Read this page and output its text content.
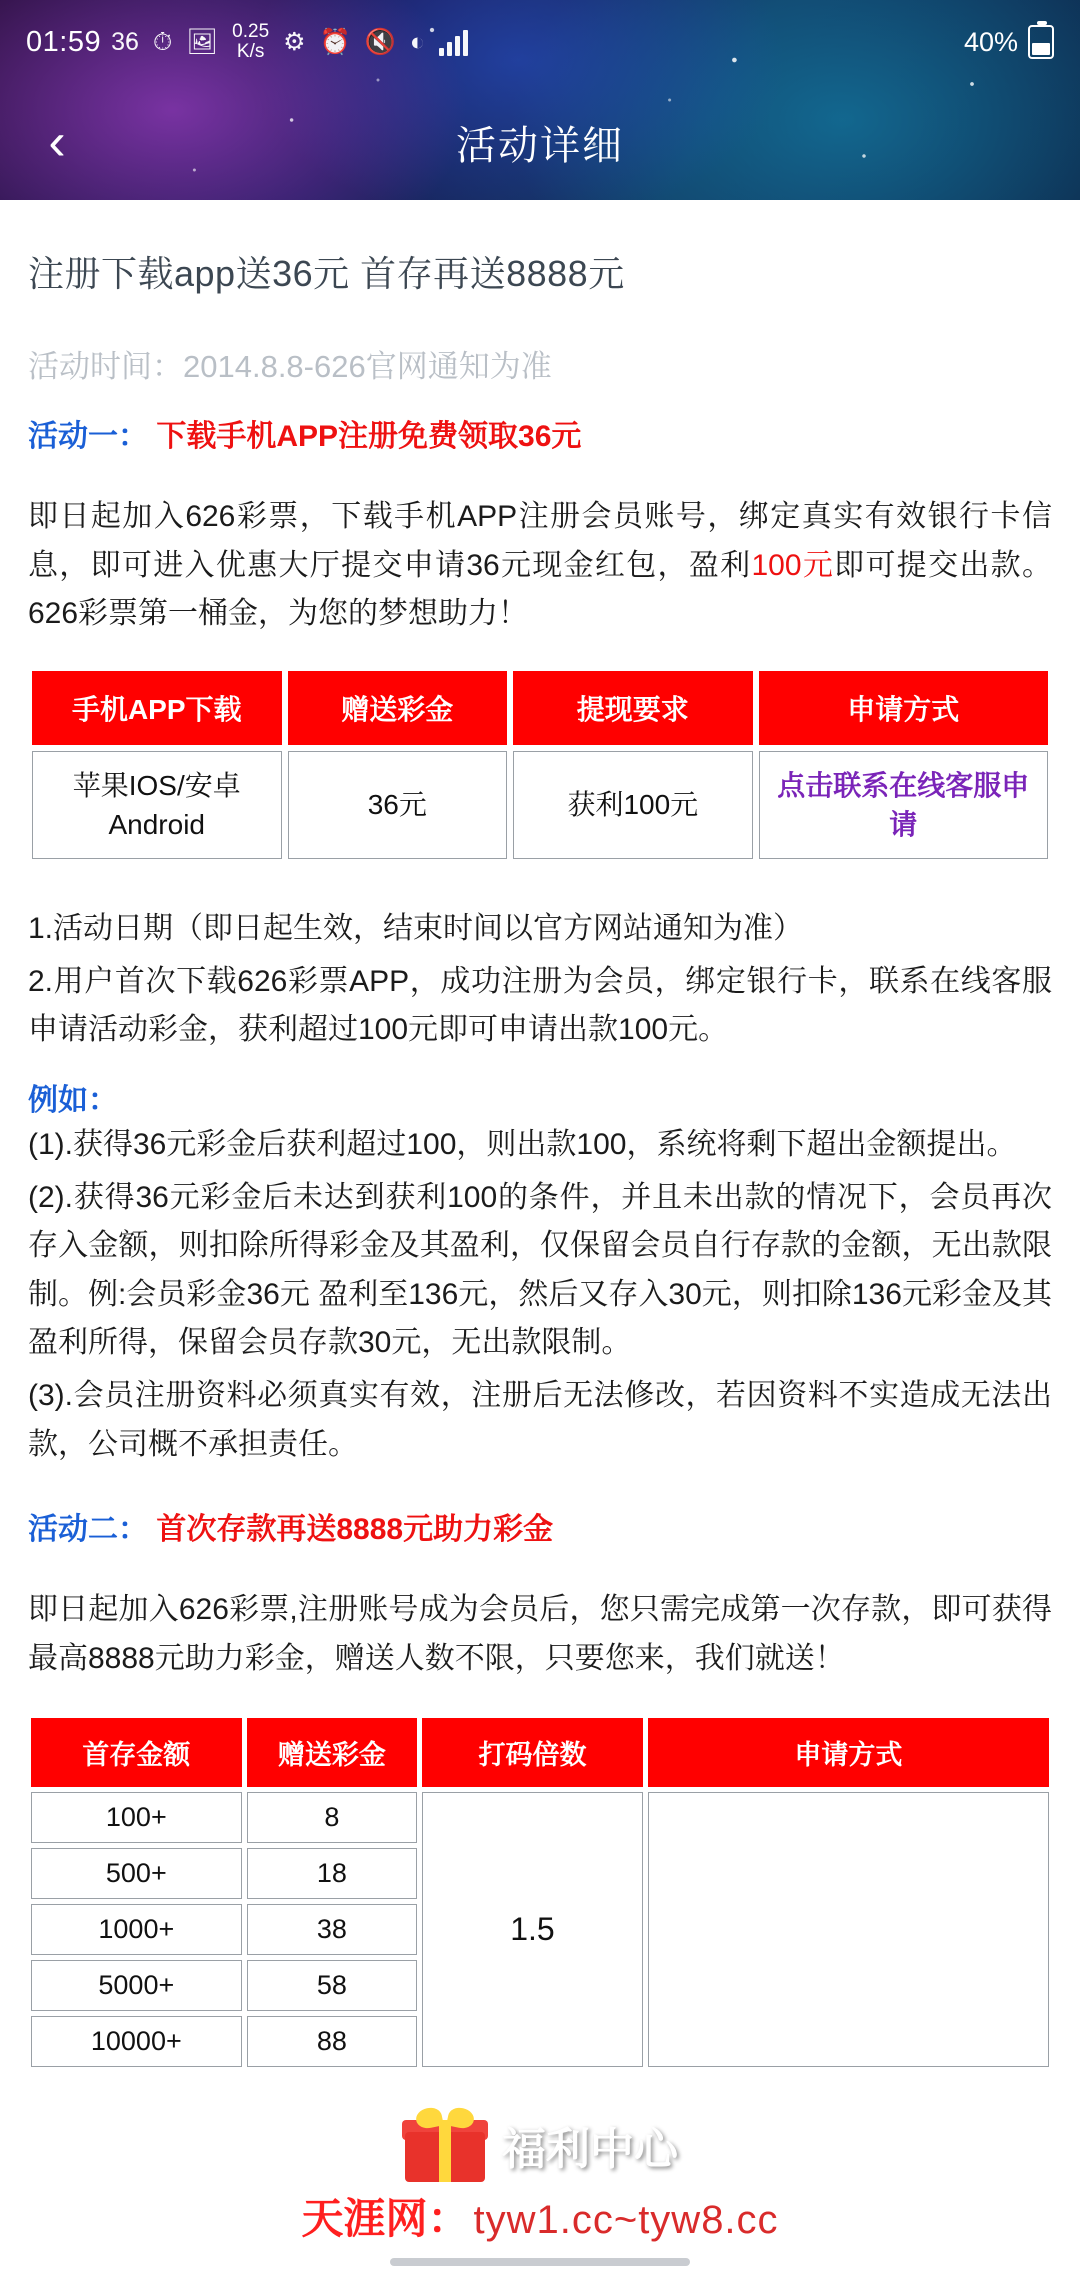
01:59 36 ⏱ 🖼 0.25
K/s ⚙ ⏰ 🔇 ◐	40%
‹	活动详细
注册下载app送36元 首存再送8888元
活动时间：2014.8.8-626官网通知为准
活动一： 下载手机APP注册免费领取36元
即日起加入626彩票，下载手机APP注册会员账号，绑定真实有效银行卡信息，即可进入优惠大厅提交申请36元现金红包，盈利100元即可提交出款。626彩票第一桶金，为您的梦想助力！
手机APP下载	赠送彩金	提现要求	申请方式
苹果IOS/安卓Android	36元	获利100元	点击联系在线客服申请
1.活动日期（即日起生效，结束时间以官方网站通知为准）
2.用户首次下载626彩票APP，成功注册为会员，绑定银行卡，联系在线客服申请活动彩金，获利超过100元即可申请出款100元。
例如：
(1).获得36元彩金后获利超过100，则出款100，系统将剩下超出金额提出。
(2).获得36元彩金后未达到获利100的条件，并且未出款的情况下，会员再次存入金额，则扣除所得彩金及其盈利，仅保留会员自行存款的金额，无出款限制。例:会员彩金36元 盈利至136元，然后又存入30元，则扣除136元彩金及其盈利所得，保留会员存款30元，无出款限制。
(3).会员注册资料必须真实有效，注册后无法修改，若因资料不实造成无法出款，公司概不承担责任。
活动二： 首次存款再送8888元助力彩金
即日起加入626彩票,注册账号成为会员后，您只需完成第一次存款，即可获得最高8888元助力彩金，赠送人数不限，只要您来，我们就送！
首存金额	赠送彩金	打码倍数	申请方式
100+	8	1.5	
500+	18		
1000+	38		
5000+	58		
10000+	88		
福利中心
天涯网： tyw1.cc~tyw8.cc
